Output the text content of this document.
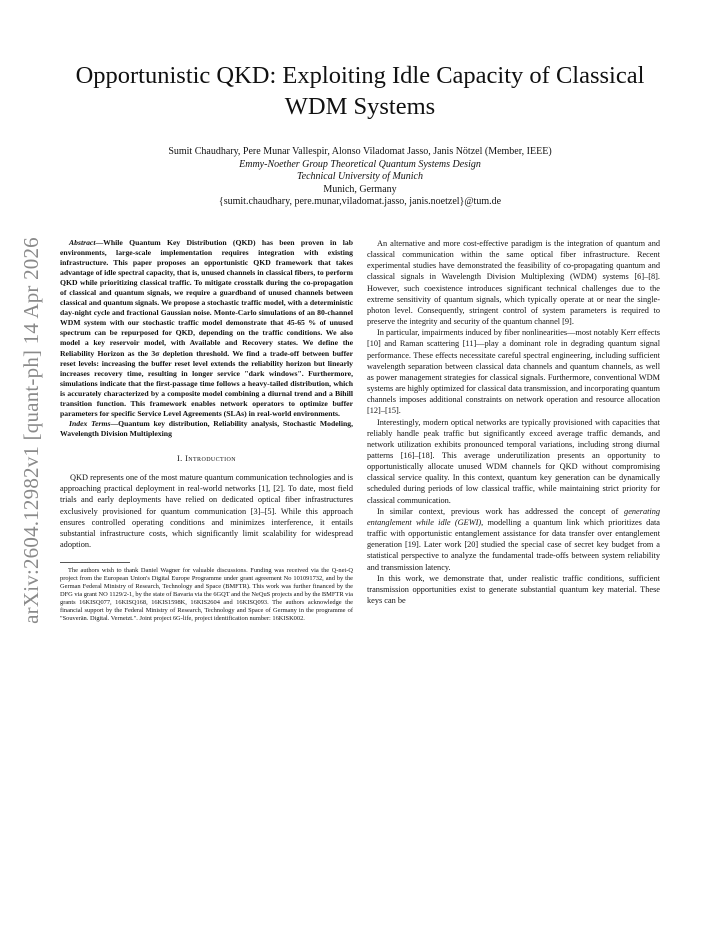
arXiv:2604.12982v1 [quant-ph] 14 Apr 2026
Opportunistic QKD: Exploiting Idle Capacity of Classical WDM Systems
Sumit Chaudhary, Pere Munar Vallespir, Alonso Viladomat Jasso, Janis Nötzel (Member, IEEE)
Emmy-Noether Group Theoretical Quantum Systems Design
Technical University of Munich
Munich, Germany
{sumit.chaudhary, pere.munar,viladomat.jasso, janis.noetzel}@tum.de

Abstract—While Quantum Key Distribution (QKD) has been proven in lab environments, large-scale implementation requires integration with existing infrastructure. This paper proposes an opportunistic QKD framework that takes advantage of idle spectral capacity, that is, unused channels in classical fibers, to perform QKD while prioritizing classical traffic. To mitigate crosstalk during the co-propagation of classical and quantum signals, we require a guardband of unused channels between classical and quantum signals. We propose a stochastic traffic model, with a deterministic day-night cycle and fractional Gaussian noise. Monte-Carlo simulations of an 80-channel WDM system with our stochastic traffic model demonstrate that 45-65 % of unused spectrum can be repurposed for QKD, depending on the traffic conditions. We also model a key reservoir model, with Available and Recovery states. We define the Reliability Horizon as the 3σ depletion threshold. We find a trade-off between buffer reset levels: increasing the buffer reset level extends the reliability horizon but linearly increases recovery time, resulting in longer service "dark windows". Furthermore, simulations indicate that the first-passage time follows a heavy-tailed distribution, which is accurately characterized by a composite model combining a diurnal trend and a Bihill transition function. This framework enables network operators to optimize buffer parameters for specific Service Level Agreements (SLAs) in real-world environments.

Index Terms—Quantum key distribution, Reliability analysis, Stochastic Modeling, Wavelength Division Multiplexing

I. Introduction

QKD represents one of the most mature quantum communication technologies and is approaching practical deployment in real-world networks [1], [2]. To date, most field trials and early deployments have relied on dedicated optical fiber infrastructures exclusively provisioned for quantum communication [3]–[5]. While this approach ensures controlled operating conditions and minimizes interference, it entails substantial infrastructure costs, which significantly limit scalability for widespread adoption.

The authors wish to thank Daniel Wagner for valuable discussions. Funding was received via the Q-net-Q project from the European Union's Digital Europe Programme under grant agreement No 101091732, and by the German Federal Ministry of Research, Technology and Space (BMFTR). This work was further financed by the DFG via grant NO 1129/2-1, by the state of Bavaria via the 6GQT and the NeQuS projects and by the BMFTR via grants 16KISQ077, 16KISQ168, 16KIS1598K, 16KIS2604 and 16KISQ093. The authors acknowledge the financial support by the Federal Ministry of Research, Technology and Space of Germany in the programme of "Souverän. Digital. Vernetzt.". Joint project 6G-life, project identification number: 16KISK002.

An alternative and more cost-effective paradigm is the integration of quantum and classical communication within the same optical fiber infrastructure. Recent experimental studies have demonstrated the feasibility of co-propagating quantum and classical signals in Wavelength Division Multiplexing (WDM) systems [6]–[8]. However, such coexistence introduces significant technical challenges due to the extreme sensitivity of quantum signals, which typically operate at or near the single-photon level. Consequently, stringent control of system parameters is required to preserve the integrity and security of the quantum channel [9].

In particular, impairments induced by fiber nonlinearities—most notably Kerr effects [10] and Raman scattering [11]—play a dominant role in degrading quantum signal performance. These effects necessitate careful spectral engineering, including sufficient wavelength separation between classical data channels and quantum channels, as well as power management strategies for classical signals. Furthermore, conventional WDM systems are highly optimized for classical data transmission, and incorporating quantum channels imposes additional constraints on network operation and resource allocation [12]–[15].

Interestingly, modern optical networks are typically provisioned with capacities that reliably handle peak traffic but significantly exceed average traffic demands, and network utilization exhibits pronounced temporal variations, including strong diurnal patterns [16]–[18]. This average underutilization presents an opportunity to opportunistically allocate unused WDM channels for QKD without compromising classical service quality. In this context, quantum key generation can be dynamically scheduled during periods of low classical traffic, while maintaining strict priority for classical communication.

In similar context, previous work has addressed the concept of generating entanglement while idle (GEWI), modelling a quantum link which prioritizes data traffic with opportunistic entanglement assistance for data transfer over entanglement generation [19]. Later work [20] studied the special case of secret key budget from a statistical perspective to analyze the fundamental trade-offs between system reliability and transmission latency.

In this work, we demonstrate that, under realistic traffic conditions, sufficient transmission opportunities exist to generate substantial quantum key material. These keys can be
